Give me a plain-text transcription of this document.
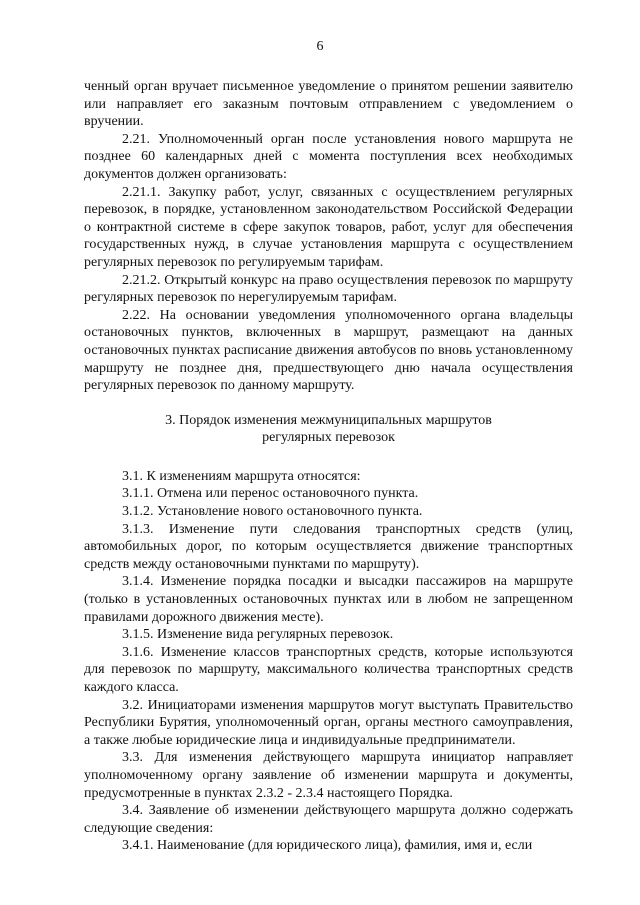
6

ченный орган вручает письменное уведомление о принятом решении заявителю или направляет его заказным почтовым отправлением с уведомлением о вручении.

2.21. Уполномоченный орган после установления нового маршрута не позднее 60 календарных дней с момента поступления всех необходимых документов должен организовать:

2.21.1. Закупку работ, услуг, связанных с осуществлением регулярных перевозок, в порядке, установленном законодательством Российской Федерации о контрактной системе в сфере закупок товаров, работ, услуг для обеспечения государственных нужд, в случае установления маршрута с осуществлением регулярных перевозок по регулируемым тарифам.

2.21.2. Открытый конкурс на право осуществления перевозок по маршруту регулярных перевозок по нерегулируемым тарифам.

2.22. На основании уведомления уполномоченного органа владельцы остановочных пунктов, включенных в маршрут, размещают на данных остановочных пунктах расписание движения автобусов по вновь установленному маршруту не позднее дня, предшествующего дню начала осуществления регулярных перевозок по данному маршруту.

3. Порядок изменения межмуниципальных маршрутов
регулярных перевозок

3.1. К изменениям маршрута относятся:

3.1.1. Отмена или перенос остановочного пункта.

3.1.2. Установление нового остановочного пункта.

3.1.3. Изменение пути следования транспортных средств (улиц, автомобильных дорог, по которым осуществляется движение транспортных средств между остановочными пунктами по маршруту).

3.1.4. Изменение порядка посадки и высадки пассажиров на маршруте (только в установленных остановочных пунктах или в любом не запрещенном правилами дорожного движения месте).

3.1.5. Изменение вида регулярных перевозок.

3.1.6. Изменение классов транспортных средств, которые используются для перевозок по маршруту, максимального количества транспортных средств каждого класса.

3.2. Инициаторами изменения маршрутов могут выступать Правительство Республики Бурятия, уполномоченный орган, органы местного самоуправления, а также любые юридические лица и индивидуальные предприниматели.

3.3. Для изменения действующего маршрута инициатор направляет уполномоченному органу заявление об изменении маршрута и документы, предусмотренные в пунктах 2.3.2 - 2.3.4 настоящего Порядка.

3.4. Заявление об изменении действующего маршрута должно содержать следующие сведения:

3.4.1. Наименование (для юридического лица), фамилия, имя и, если
